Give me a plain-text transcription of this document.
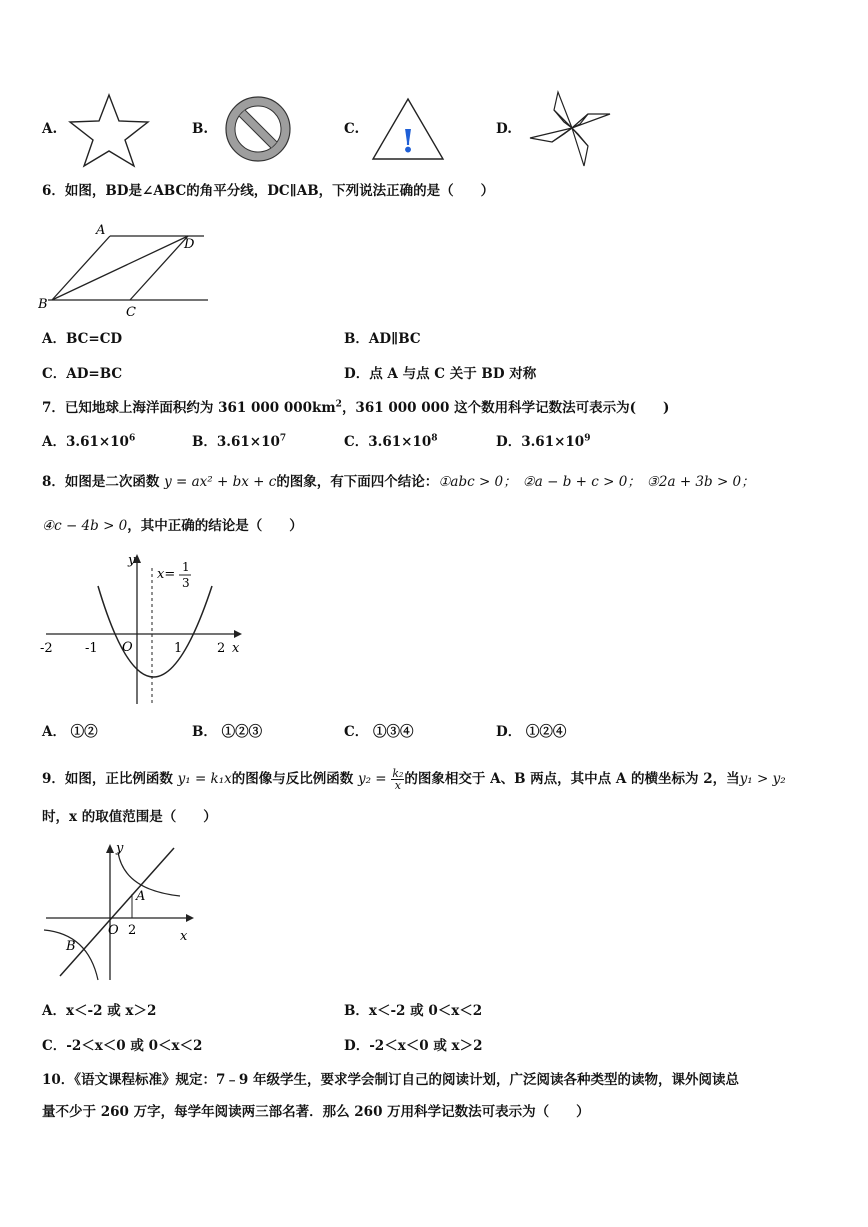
A.	B.	C. !	D.
6．如图，BD是∠ABC的角平分线，DC∥AB，下列说法正确的是（　　）
A
B
C
D
A．BC=CD	B．AD∥BC
C．AD=BC	D．点 A 与点 C 关于 BD 对称
7．已知地球上海洋面积约为 361 000 $000km^2$，361 000 000 这个数用科学记数法可表示为(　　)
A．$3.61\times 10^6$	B．$3.61\times 10^7$	C．$3.61\times 10^8$	D．$3.61\times 10^9$
8．如图是二次函数 y = ax² + bx + c的图象，有下面四个结论：①abc > 0； ②a − b + c > 0； ③2a + 3b > 0；
④c − 4b > 0，其中正确的结论是（　　）
y
x
O
x= 1
3
-2 -1	1	2
A． ①②	B． ①②③	C． ①③④	D． ①②④
9．如图，正比例函数 y₁ = k₁x的图像与反比例函数 $y_2 = \frac{\text{k₂}}{x}$ 的图象相交于 A、B 两点，其中点 A 的横坐标为 2，当y₁ > y₂
时，x 的取值范围是（　　）
y
x
O
A
B
2
A．x＜-2 或 x＞2	B．x＜-2 或 0＜x＜2
C．-2＜x＜0 或 0＜x＜2	D．-2＜x＜0 或 x＞2
10．《语文课程标准》规定：7﹣9 年级学生，要求学会制订自己的阅读计划，广泛阅读各种类型的读物，课外阅读总
量不少于 260 万字，每学年阅读两三部名著．那么 260 万用科学记数法可表示为（　　）
